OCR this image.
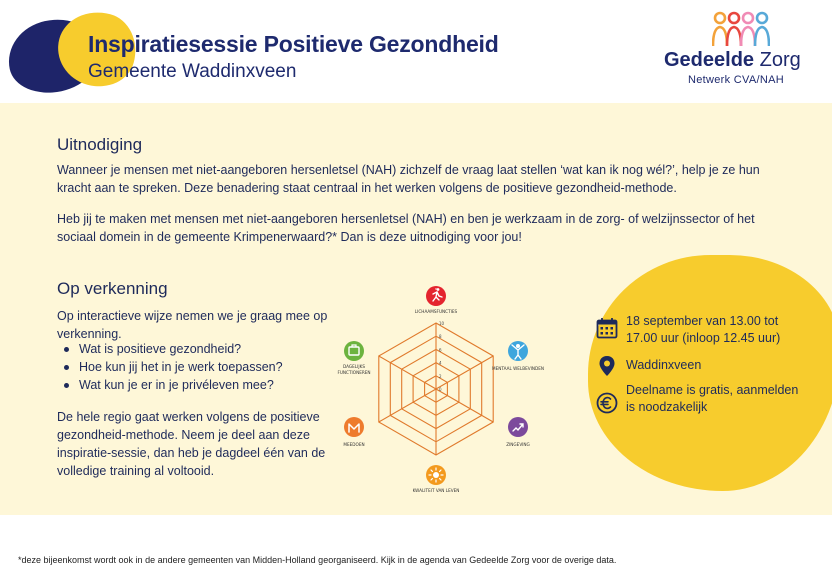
Inspiratiesessie Positieve Gezondheid
Gemeente Waddinxveen
Gedeelde Zorg
Netwerk CVA/NAH
Uitnodiging
Wanneer je mensen met niet-aangeboren hersenletsel (NAH) zichzelf de vraag laat stellen ‘wat kan ik nog wél?’, help je ze hun kracht aan te spreken. Deze benadering staat centraal in het werken volgens de positieve gezondheid-methode.
Heb jij te maken met mensen met niet-aangeboren hersenletsel (NAH) en ben je werkzaam in de zorg- of welzijnssector of het sociaal domein in de gemeente Krimpenerwaard?* Dan is deze uitnodiging voor jou!
Op verkenning
Op interactieve wijze nemen we je graag mee op verkenning.
Wat is positieve gezondheid?
Hoe kun jij het in je werk toepassen?
Wat kun je er in je privéleven mee?
De hele regio gaat werken volgens de positieve gezondheid-methode. Neem je deel aan deze inspiratie-sessie, dan heb je dagdeel één van de volledige training al voltooid.
10
8
6
4
2
0
LICHAAMSFUNCTIES
MENTAAL WELBEVINDEN
ZINGEVING
KWALITEIT VAN LEVEN
MEEDOEN
DAGELIJKS
FUNCTIONEREN
18 september van 13.00 tot 17.00 uur (inloop 12.45 uur)
Waddinxveen
Deelname is gratis, aanmelden is noodzakelijk
*deze bijeenkomst wordt ook in de andere gemeenten van Midden-Holland georganiseerd. Kijk in de agenda van Gedeelde Zorg voor de overige data.
